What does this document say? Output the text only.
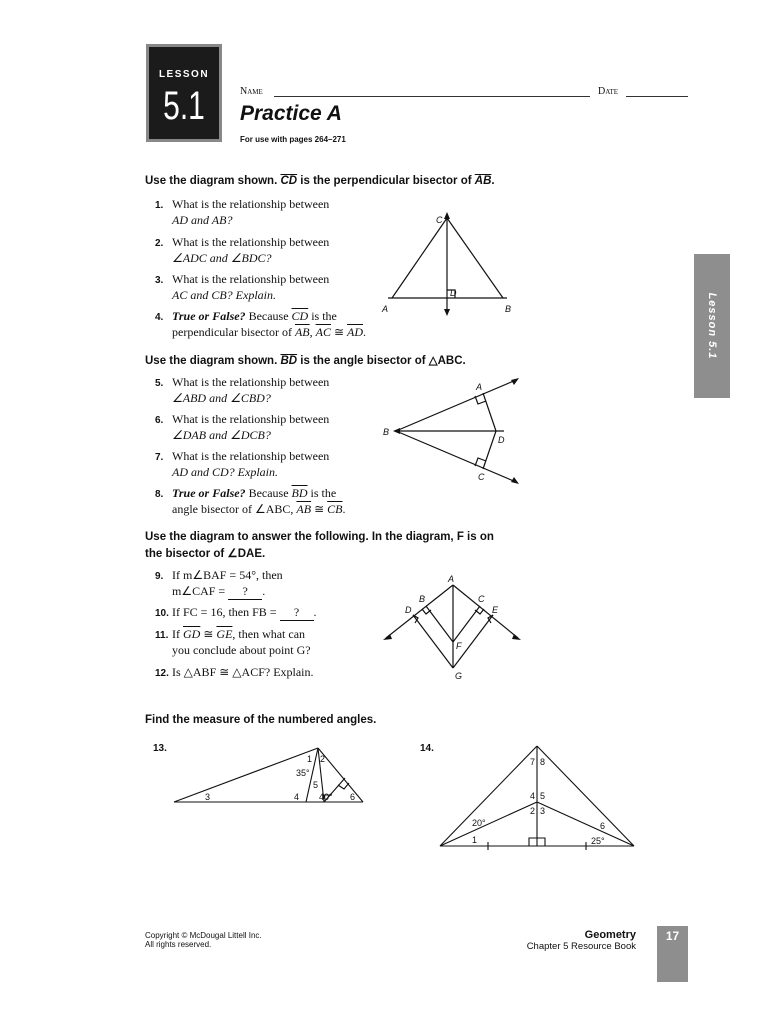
LESSON
5.1	Name	Date
Practice A
For use with pages 264–271
Lesson 5.1
Use the diagram shown. $\overline{CD}$ is the perpendicular bisector of $\overline{AB}$.
1. What is the relationship between
AD and AB?
2. What is the relationship between
∠ADC and ∠BDC?
3. What is the relationship between
AC and CB? Explain.
4. True or False? Because $\overline{CD}$ is the
perpendicular bisector of $\overline{AB}$, $\overline{AC}$ ≅ $\overline{AD}$.
C
A	B
D
Use the diagram shown. $\overline{BD}$ is the angle bisector of △ABC.
5. What is the relationship between
∠ABD and ∠CBD?
6. What is the relationship between
∠DAB and ∠DCB?
7. What is the relationship between
AD and CD? Explain.
8. True or False? Because $\overline{BD}$ is the
angle bisector of ∠ABC, $\overline{AB}$ ≅ $\overline{CB}$.
A
B
D
C
Use the diagram to answer the following. In the diagram, F is on
the bisector of ∠DAE.
9. If m∠BAF = 54°, then
m∠CAF = ? .
10. If FC = 16, then FB = ? .
11. If $\overline{GD}$ ≅ $\overline{GE}$, then what can
you conclude about point G?
12. Is △ABF ≅ △ACF? Explain.
A
B	C
D	E
F
G
Find the measure of the numbered angles.
13.	14.
1 2
35°
5
3	4 40° 6
7 8
4 5
2 3
20°	6
1	25°
Copyright © McDougal Littell Inc.
All rights reserved.
Geometry
Chapter 5 Resource Book
17
